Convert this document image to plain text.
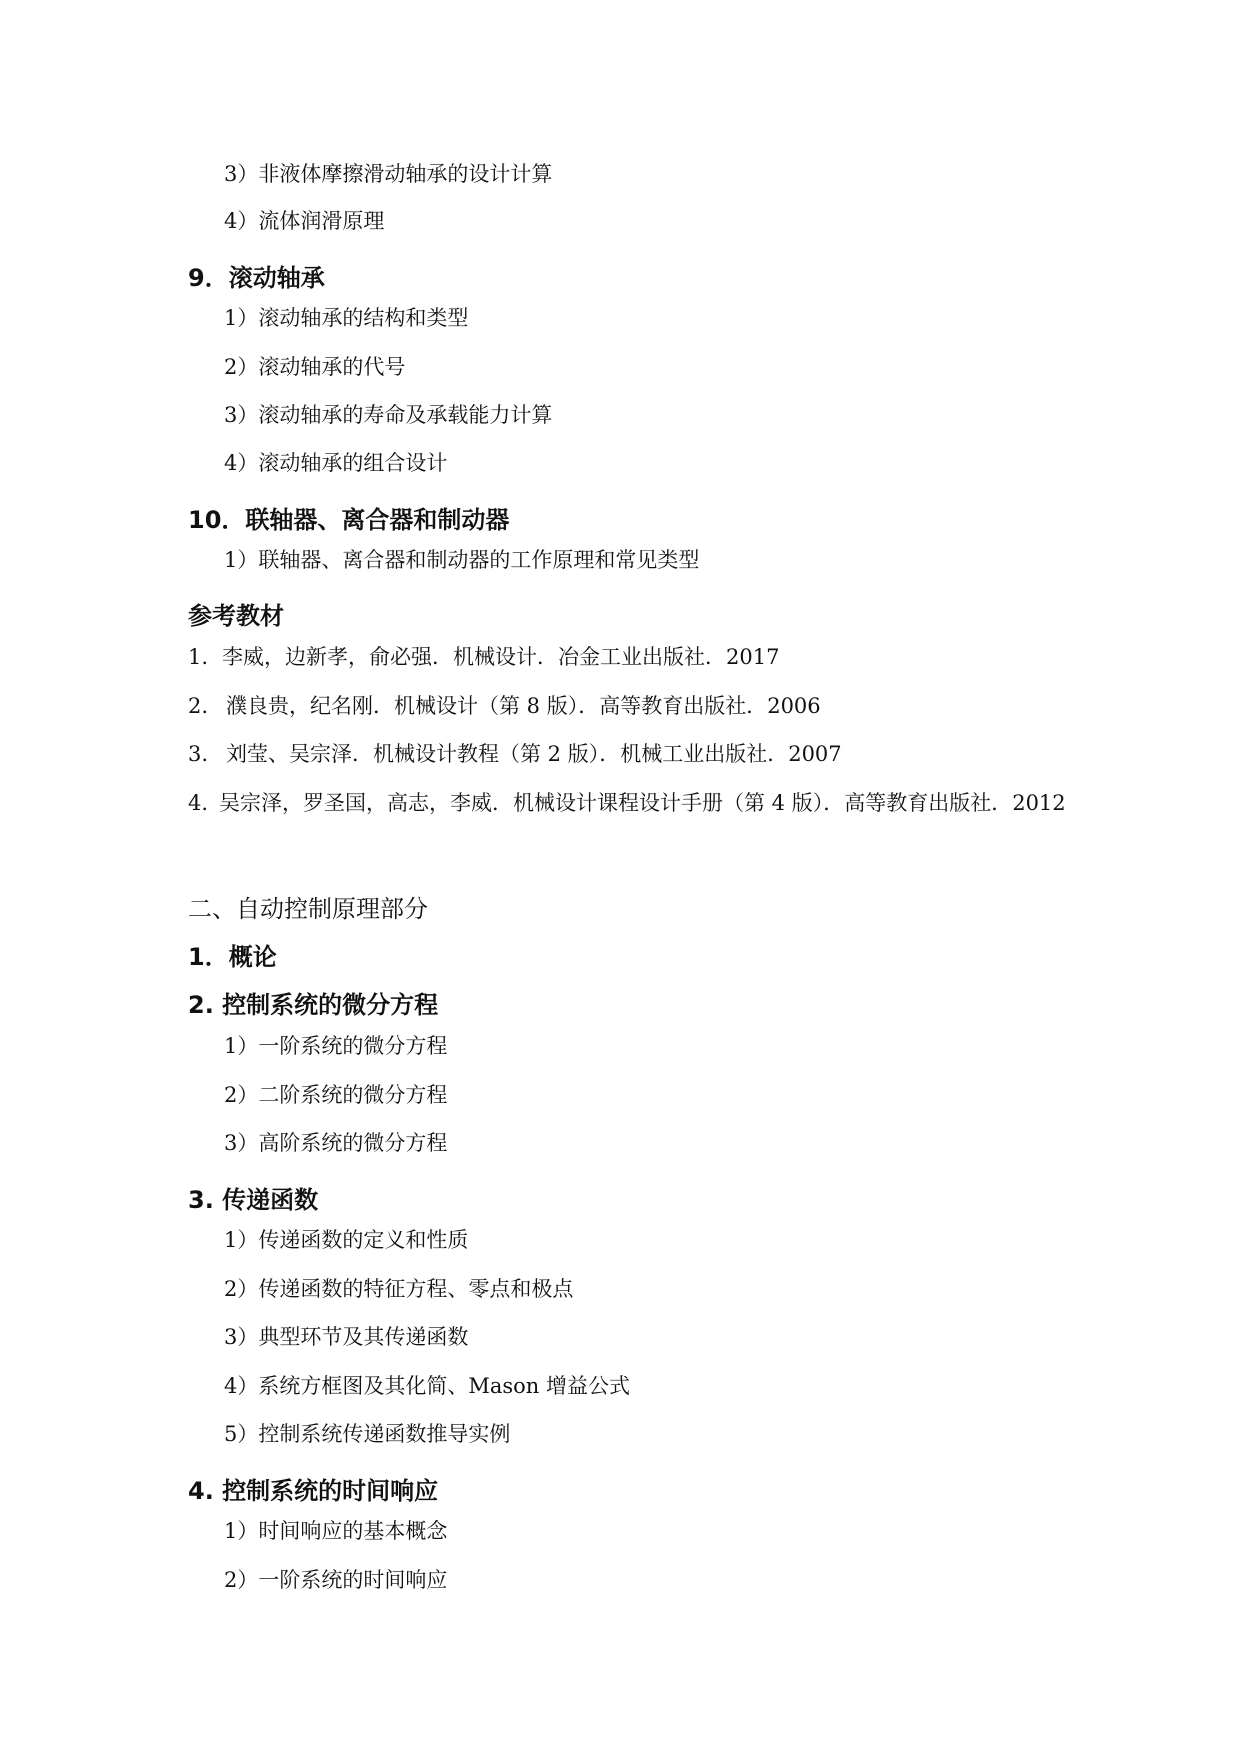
3）非液体摩擦滑动轴承的设计计算
4）流体润滑原理
9．滚动轴承
1）滚动轴承的结构和类型
2）滚动轴承的代号
3）滚动轴承的寿命及承载能力计算
4）滚动轴承的组合设计
10．联轴器、离合器和制动器
1）联轴器、离合器和制动器的工作原理和常见类型
参考教材
1. 李威，边新孝，俞必强．机械设计．冶金工业出版社．2017
2. 濮良贵，纪名刚．机械设计（第 8 版）．高等教育出版社．2006
3. 刘莹、吴宗泽．机械设计教程（第 2 版）．机械工业出版社．2007
4. 吴宗泽，罗圣国，高志，李威．机械设计课程设计手册（第 4 版）．高等教育出版社．2012
二、自动控制原理部分
1．概论
2. 控制系统的微分方程
1）一阶系统的微分方程
2）二阶系统的微分方程
3）高阶系统的微分方程
3. 传递函数
1）传递函数的定义和性质
2）传递函数的特征方程、零点和极点
3）典型环节及其传递函数
4）系统方框图及其化简、Mason 增益公式
5）控制系统传递函数推导实例
4. 控制系统的时间响应
1）时间响应的基本概念
2）一阶系统的时间响应
